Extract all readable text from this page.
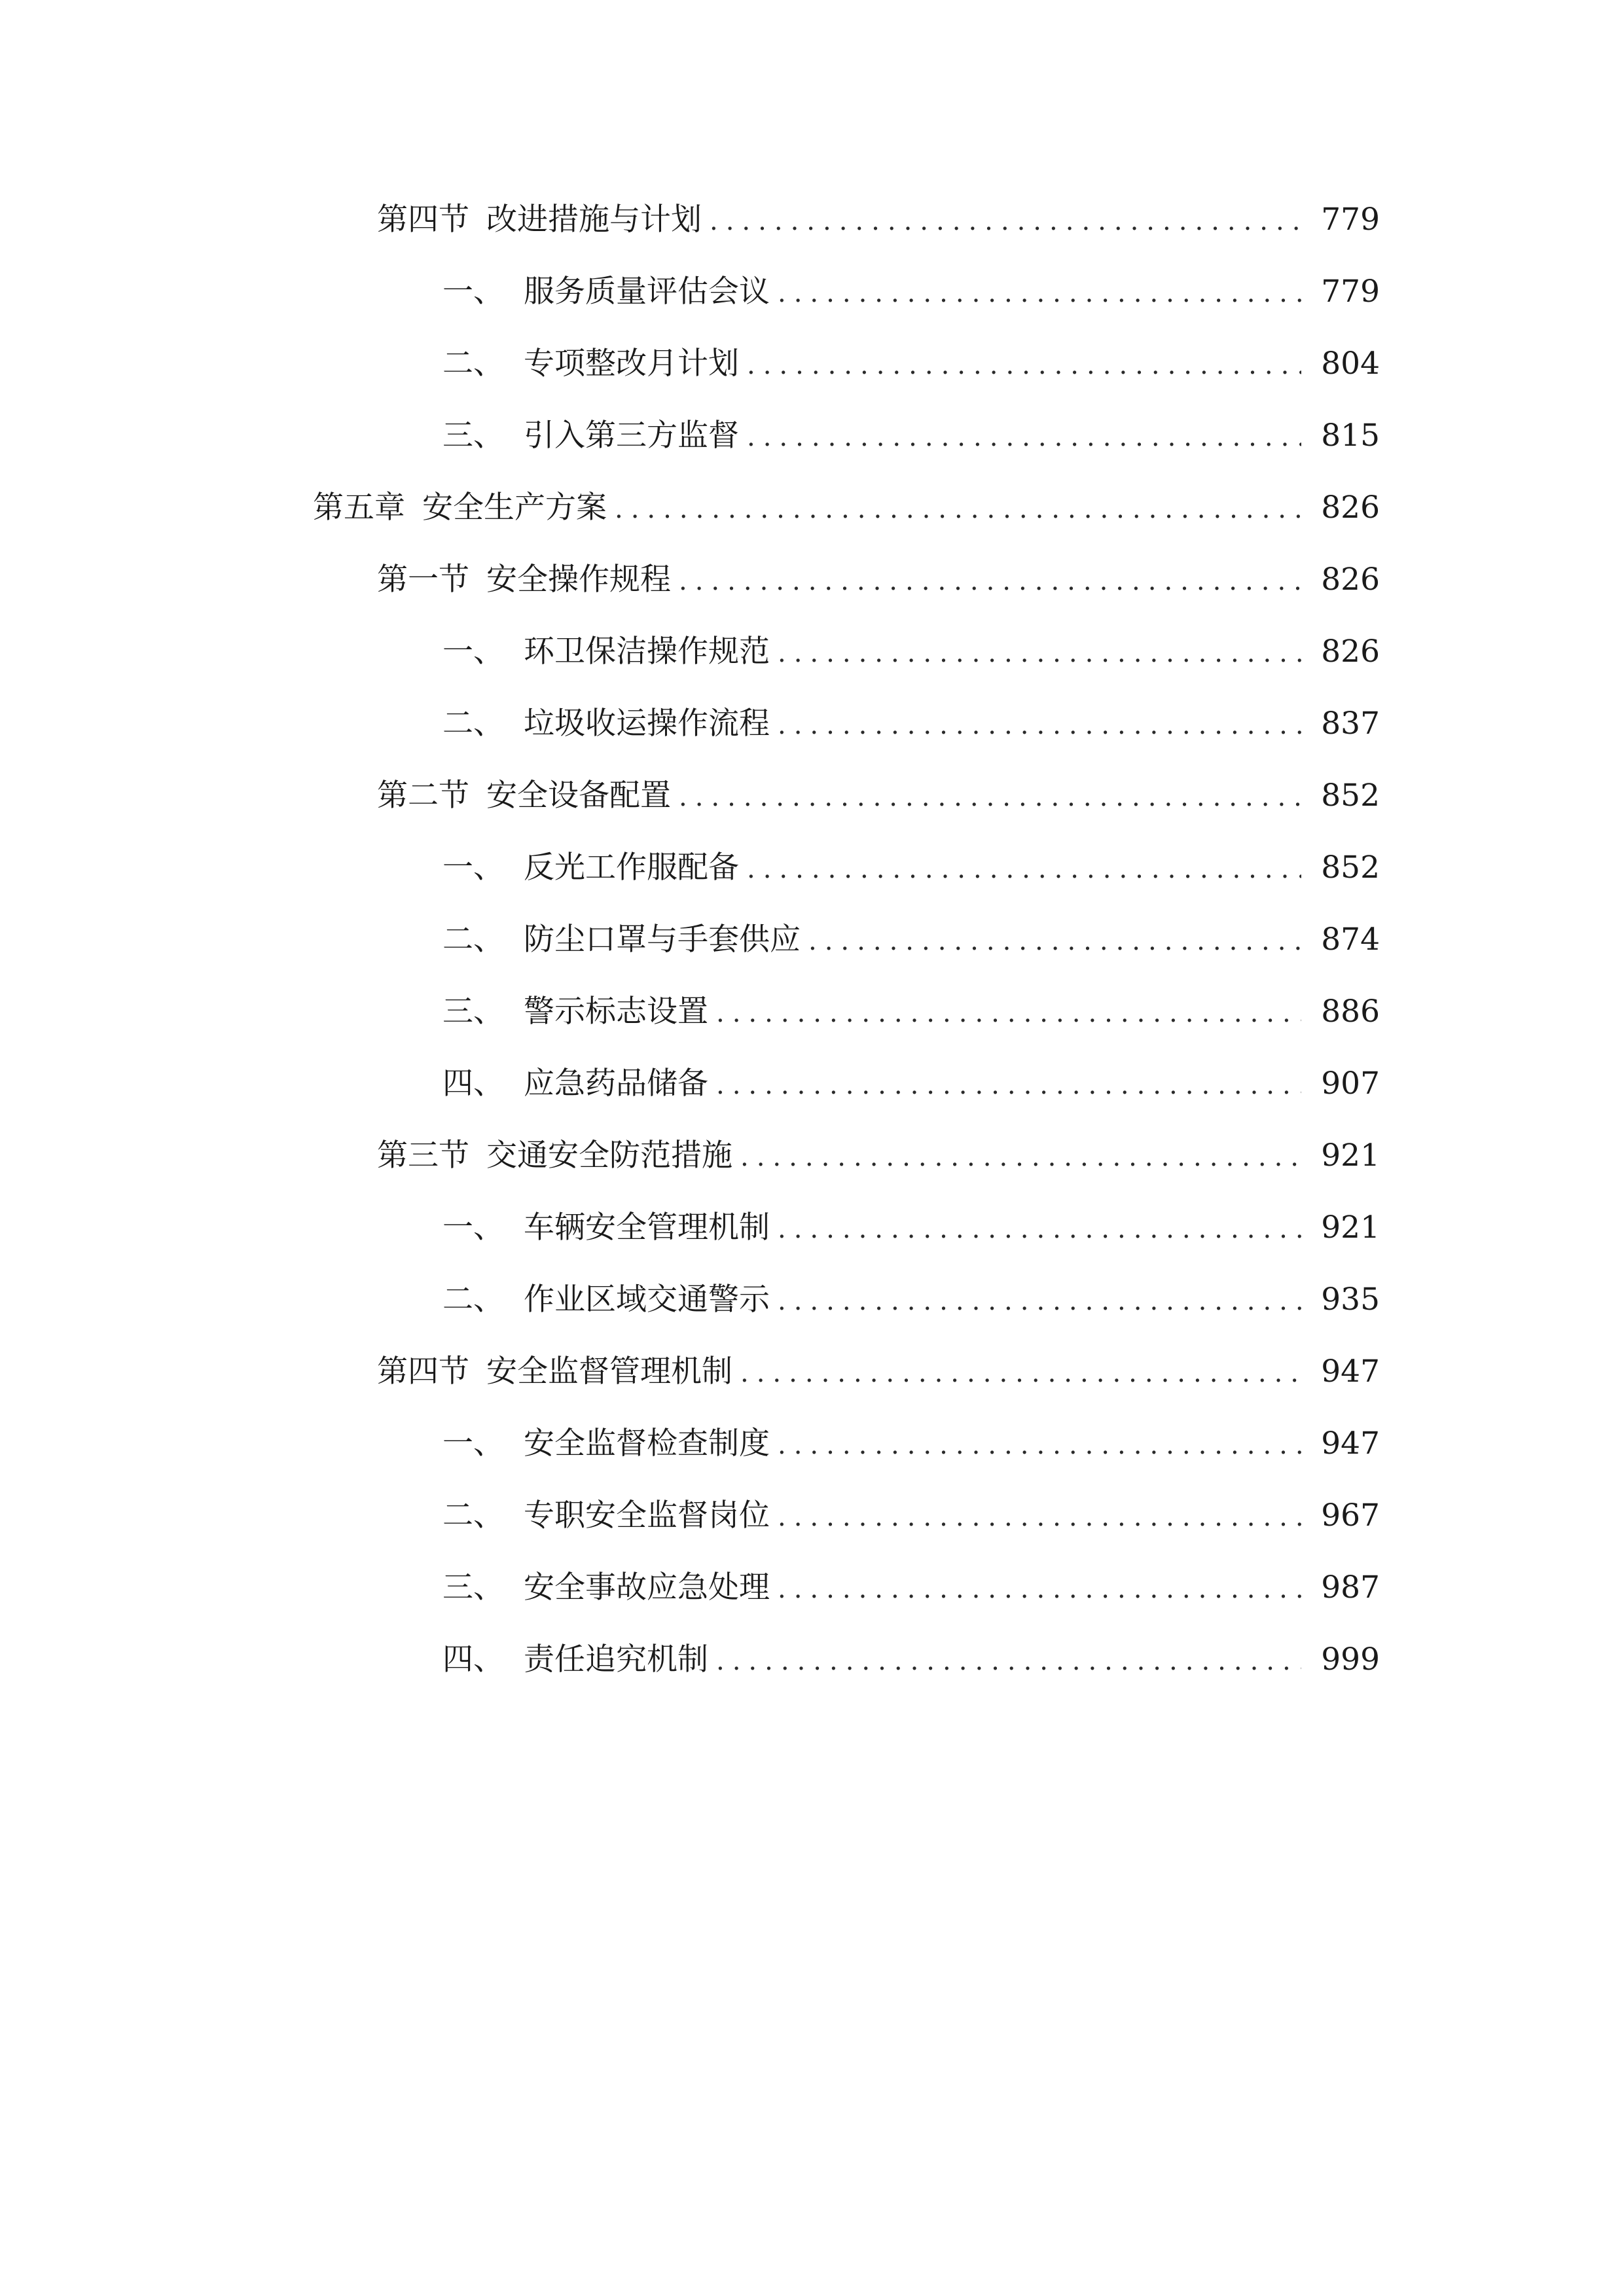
第四节 改进措施与计划 .....	779
一、 服务质量评估会议 .....	779
二、 专项整改月计划 .....	804
三、 引入第三方监督 .....	815
第五章 安全生产方案 .....	826
第一节 安全操作规程 .....	826
一、 环卫保洁操作规范 .....	826
二、 垃圾收运操作流程 .....	837
第二节 安全设备配置 .....	852
一、 反光工作服配备 .....	852
二、 防尘口罩与手套供应 .....	874
三、 警示标志设置 .....	886
四、 应急药品储备 .....	907
第三节 交通安全防范措施 .....	921
一、 车辆安全管理机制 .....	921
二、 作业区域交通警示 .....	935
第四节 安全监督管理机制 .....	947
一、 安全监督检查制度 .....	947
二、 专职安全监督岗位 .....	967
三、 安全事故应急处理 .....	987
四、 责任追究机制 .....	999
